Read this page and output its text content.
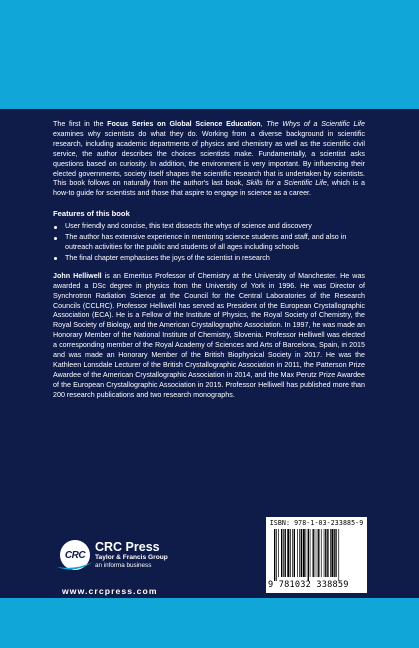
The first in the Focus Series on Global Science Education, The Whys of a Scientific Life examines why scientists do what they do. Working from a diverse background in scientific research, including academic departments of physics and chemistry as well as the scientific civil service, the author describes the choices scientists make. Fundamentally, a scientist asks questions based on curiosity. In addition, the environment is very important. By influencing their elected governments, society itself shapes the scientific research that is undertaken by scientists. This book follows on naturally from the author's last book, Skills for a Scientific Life, which is a how-to guide for scientists and those that aspire to engage in science as a career.

Features of this book

User friendly and concise, this text dissects the whys of science and discovery
The author has extensive experience in mentoring science students and staff, and also in outreach activities for the public and students of all ages including schools
The final chapter emphasises the joys of the scientist in research

John Helliwell is an Emeritus Professor of Chemistry at the University of Manchester. He was awarded a DSc degree in physics from the University of York in 1996. He was Director of Synchrotron Radiation Science at the Council for the Central Laboratories of the Research Councils (CCLRC). Professor Helliwell has served as President of the European Crystallographic Association (ECA). He is a Fellow of the Institute of Physics, the Royal Society of Chemistry, the Royal Society of Biology, and the American Crystallographic Association. In 1997, he was made an Honorary Member of the National Institute of Chemistry, Slovenia. Professor Helliwell was elected a corresponding member of the Royal Academy of Sciences and Arts of Barcelona, Spain, in 2015 and was made an Honorary Member of the British Biophysical Society in 2017. He was the Kathleen Lonsdale Lecturer of the British Crystallographic Association in 2011, the Patterson Prize Awardee of the American Crystallographic Association in 2014, and the Max Perutz Prize Awardee of the European Crystallographic Association in 2015. Professor Helliwell has published more than 200 research publications and two research monographs.

CRC
CRC Press
Taylor & Francis Group
an informa business
www.crcpress.com
ISBN: 978-1-03-233885-9
9 781032 338859
